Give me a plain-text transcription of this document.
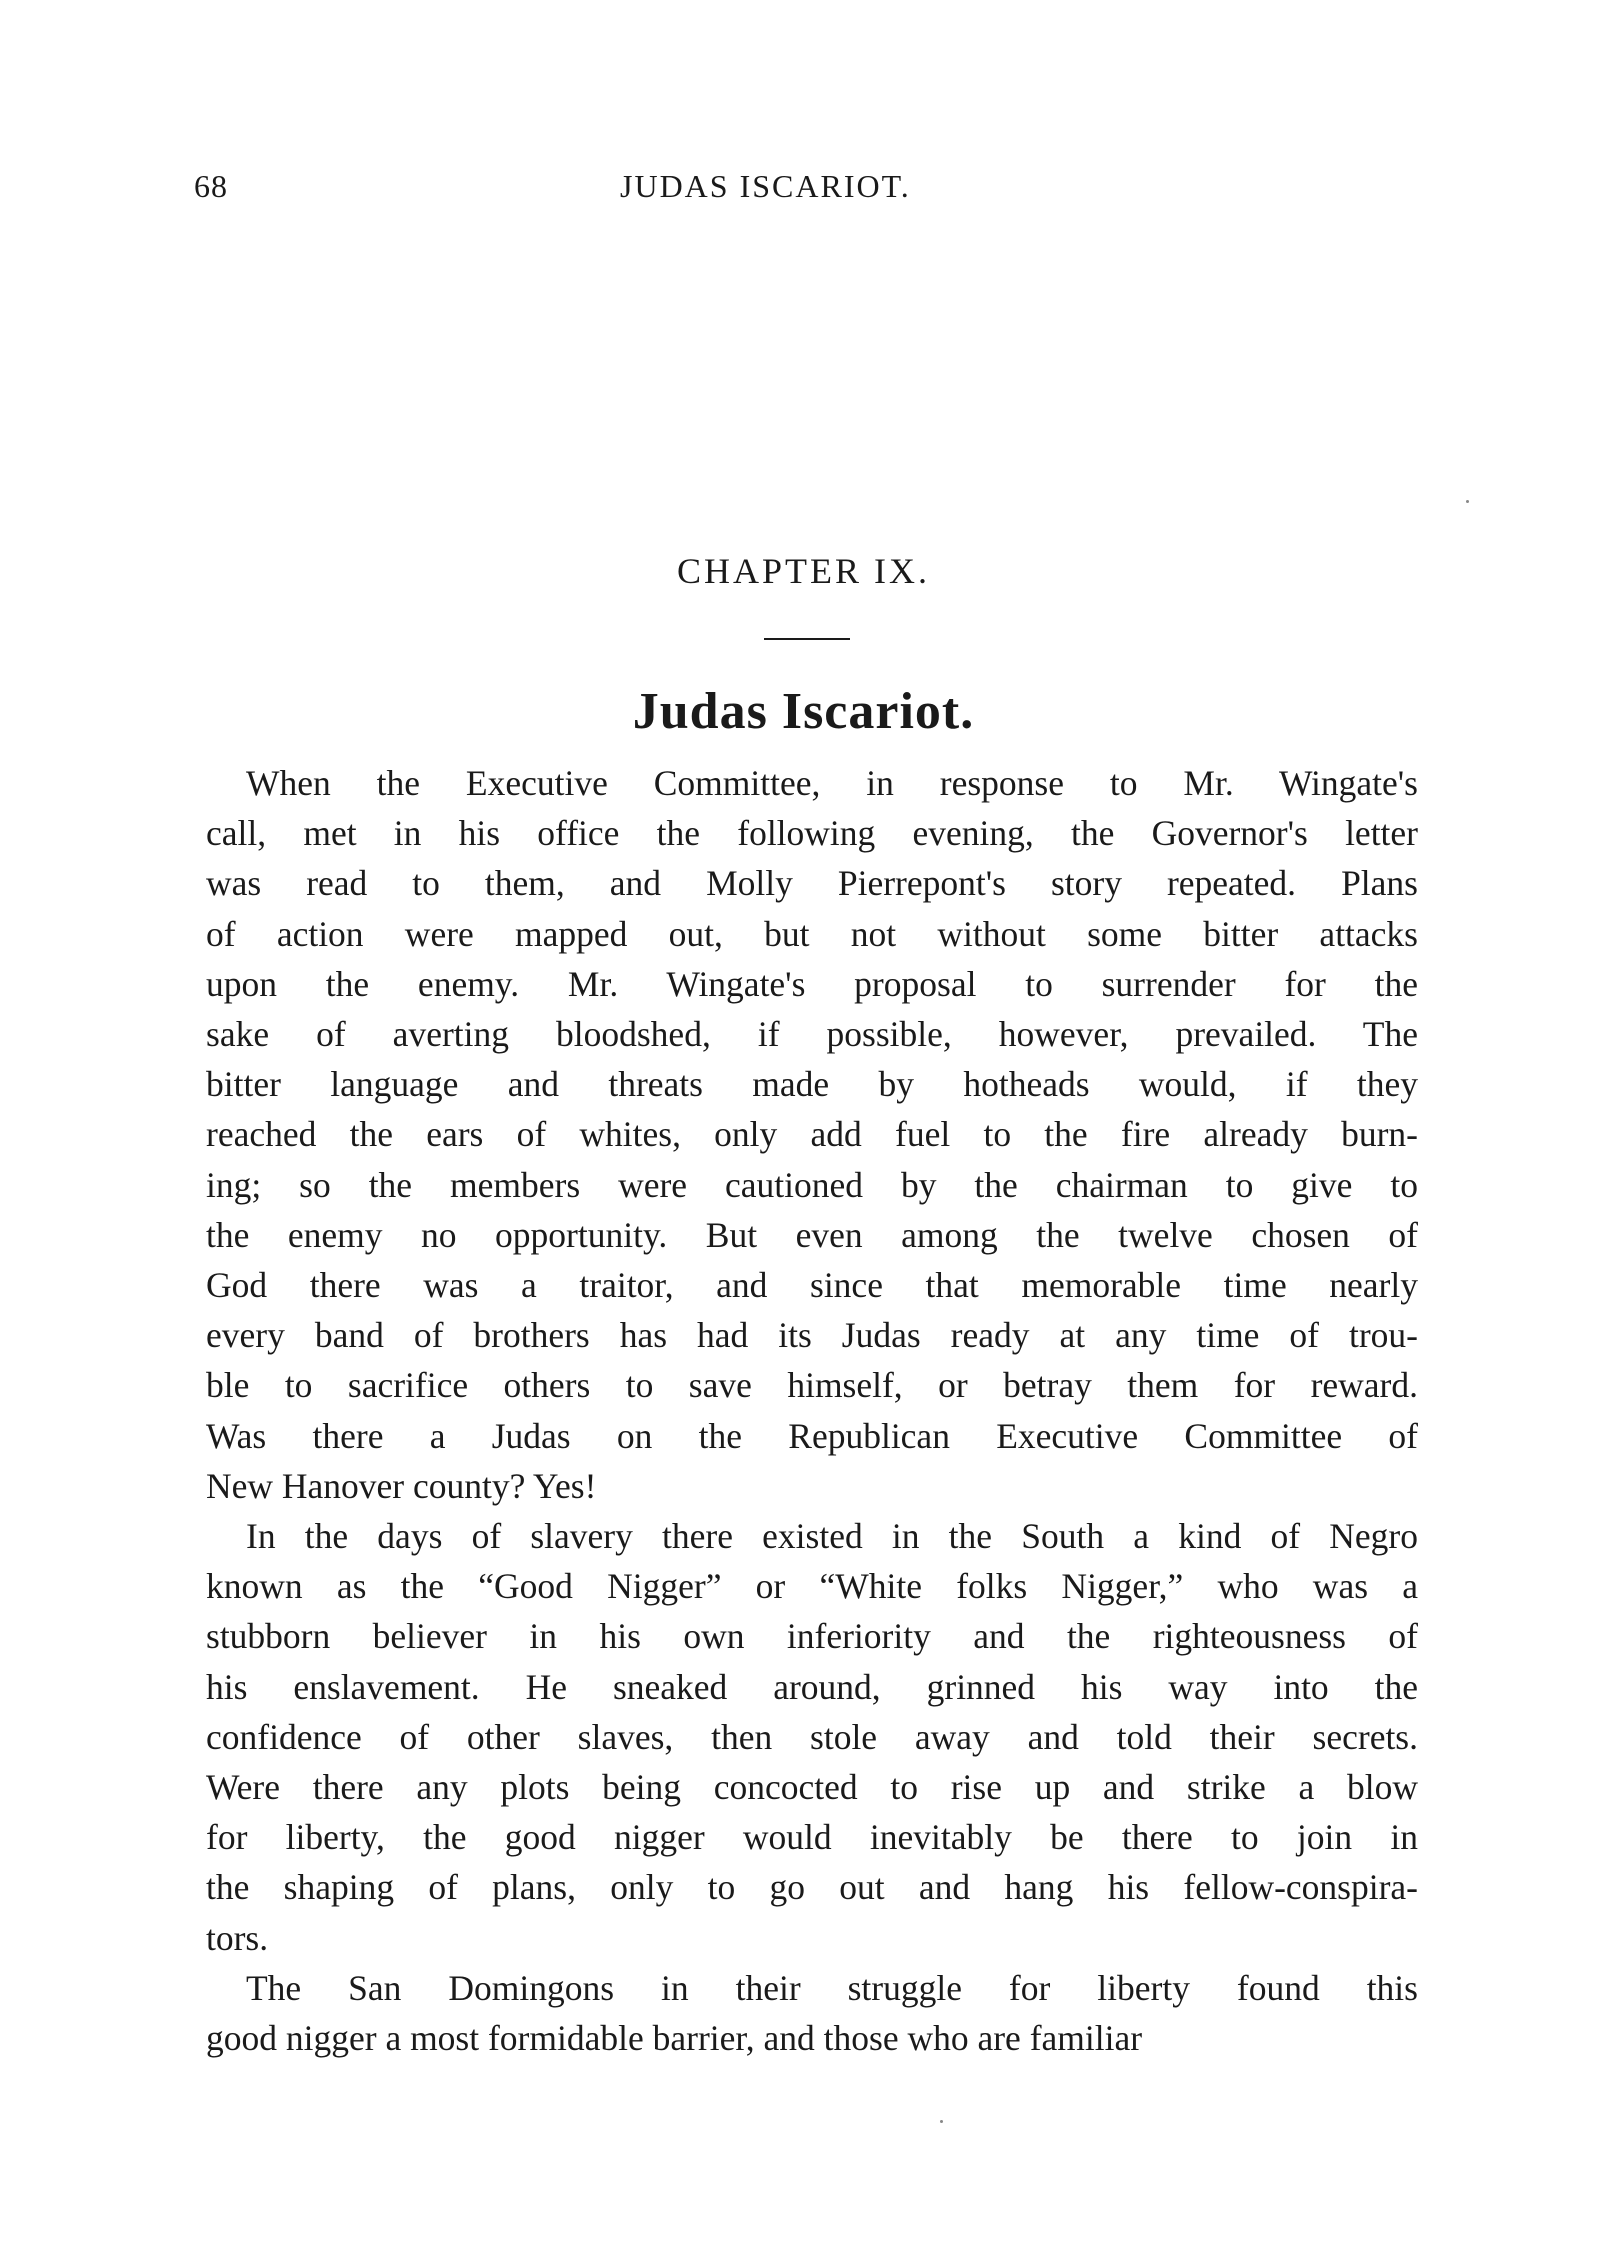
68	JUDAS ISCARIOT.
CHAPTER IX.
Judas Iscariot.
When the Executive Committee, in response to Mr. Wingate's
call, met in his office the following evening, the Governor's letter
was read to them, and Molly Pierrepont's story repeated. Plans
of action were mapped out, but not without some bitter attacks
upon the enemy. Mr. Wingate's proposal to surrender for the
sake of averting bloodshed, if possible, however, prevailed. The
bitter language and threats made by hotheads would, if they
reached the ears of whites, only add fuel to the fire already burn-
ing; so the members were cautioned by the chairman to give to
the enemy no opportunity. But even among the twelve chosen of
God there was a traitor, and since that memorable time nearly
every band of brothers has had its Judas ready at any time of trou-
ble to sacrifice others to save himself, or betray them for reward.
Was there a Judas on the Republican Executive Committee of
New Hanover county? Yes!
In the days of slavery there existed in the South a kind of Negro
known as the “Good Nigger” or “White folks Nigger,” who was a
stubborn believer in his own inferiority and the righteousness of
his enslavement. He sneaked around, grinned his way into the
confidence of other slaves, then stole away and told their secrets.
Were there any plots being concocted to rise up and strike a blow
for liberty, the good nigger would inevitably be there to join in
the shaping of plans, only to go out and hang his fellow-conspira-
tors.
The San Domingons in their struggle for liberty found this
good nigger a most formidable barrier, and those who are familiar
